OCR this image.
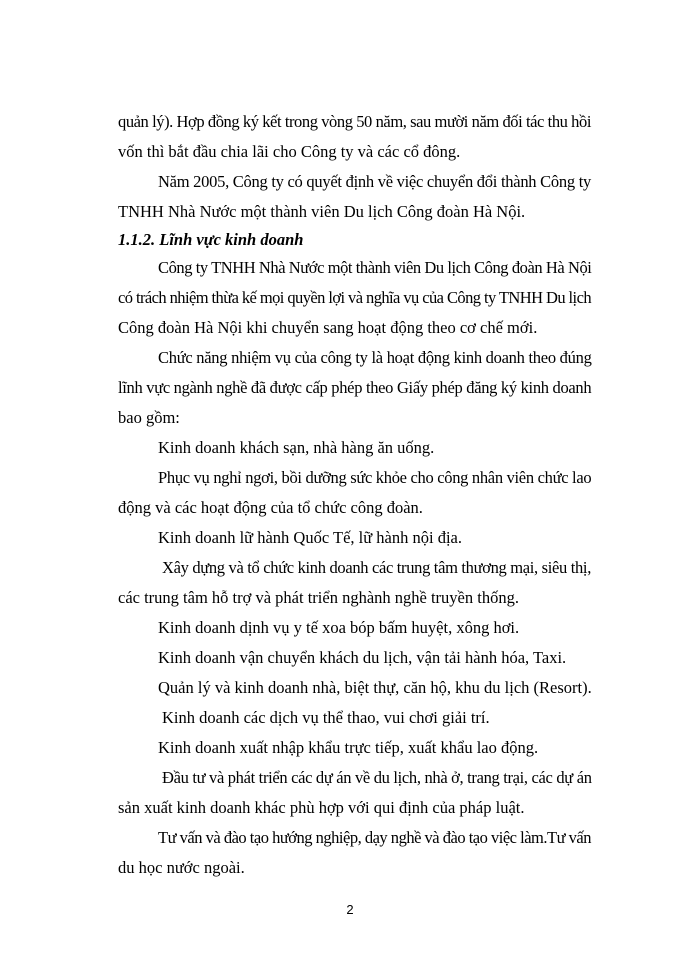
quản lý). Hợp đồng ký kết trong vòng 50 năm, sau mười năm đối tác thu hồi
vốn thì bắt đầu chia lãi cho Công ty và các cổ đông.
Năm 2005, Công ty có quyết định về việc chuyển đổi thành Công ty
TNHH Nhà Nước một thành viên Du lịch Công đoàn Hà Nội.
1.1.2. Lĩnh vực kinh doanh
Công ty TNHH Nhà Nước một thành viên Du lịch Công đoàn Hà Nội
có trách nhiệm thừa kế mọi quyền lợi và nghĩa vụ của Công ty TNHH Du lịch
Công đoàn Hà Nội khi chuyển sang hoạt động theo cơ chế mới.
Chức năng nhiệm vụ của công ty là hoạt động kinh doanh theo đúng
lĩnh vực ngành nghề đã được cấp phép theo Giấy phép đăng ký kinh doanh
bao gồm:
Kinh doanh khách sạn, nhà hàng ăn uống.
Phục vụ nghỉ ngơi, bồi dưỡng sức khỏe cho công nhân viên chức lao
động và các hoạt động của tổ chức công đoàn.
Kinh doanh lữ hành Quốc Tế, lữ hành nội địa.
Xây dựng và tổ chức kinh doanh các trung tâm thương mại, siêu thị,
các trung tâm hỗ trợ và phát triển nghành nghề truyền thống.
Kinh doanh dịnh vụ y tế xoa bóp bấm huyệt, xông hơi.
Kinh doanh vận chuyển khách du lịch, vận tải hành hóa, Taxi.
Quản lý và kinh doanh nhà, biệt thự, căn hộ, khu du lịch (Resort).
Kinh doanh các dịch vụ thể thao, vui chơi giải trí.
Kinh doanh xuất nhập khẩu trực tiếp, xuất khẩu lao động.
Đầu tư và phát triển các dự án về du lịch, nhà ở, trang trại, các dự án
sản xuất kinh doanh khác phù hợp với qui định của pháp luật.
Tư vấn và đào tạo hướng nghiệp, dạy nghề và đào tạo việc làm.Tư vấn
du học nước ngoài.
2
